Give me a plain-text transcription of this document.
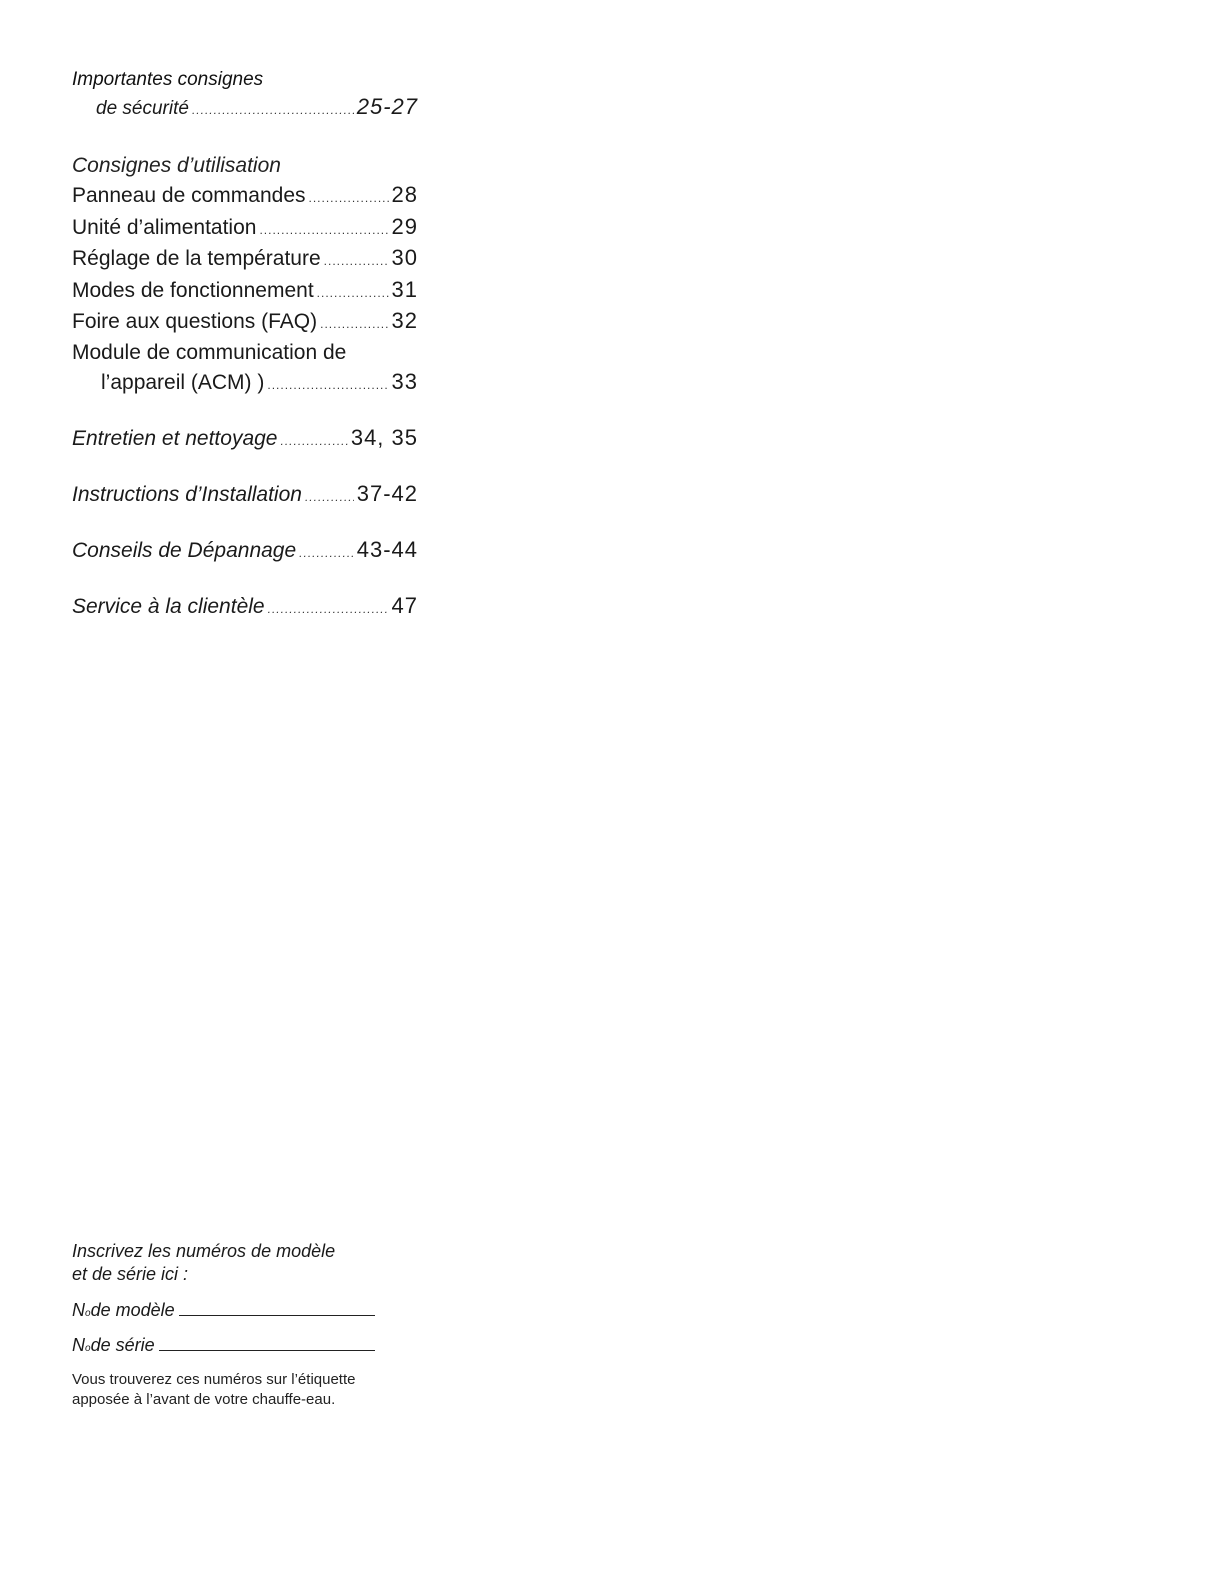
Importantes consignes
de sécurité .....	25-27
Consignes d’utilisation
Panneau de commandes .....	28
Unité d’alimentation .....	29
Réglage de la température .....	30
Modes de fonctionnement .....	31
Foire aux questions (FAQ) .....	32
Module de communication de
l’appareil (ACM) ) .....	33
Entretien et nettoyage .....	34, 35
Instructions d’Installation ..... 37-42
Conseils de Dépannage .....	43-44
Service à la clientèle .....	47
Inscrivez les numéros de modèle
et de série ici :
N o de modèle
N o de série
Vous trouverez ces numéros sur l’étiquette
apposée à l’avant de votre chauffe-eau.
